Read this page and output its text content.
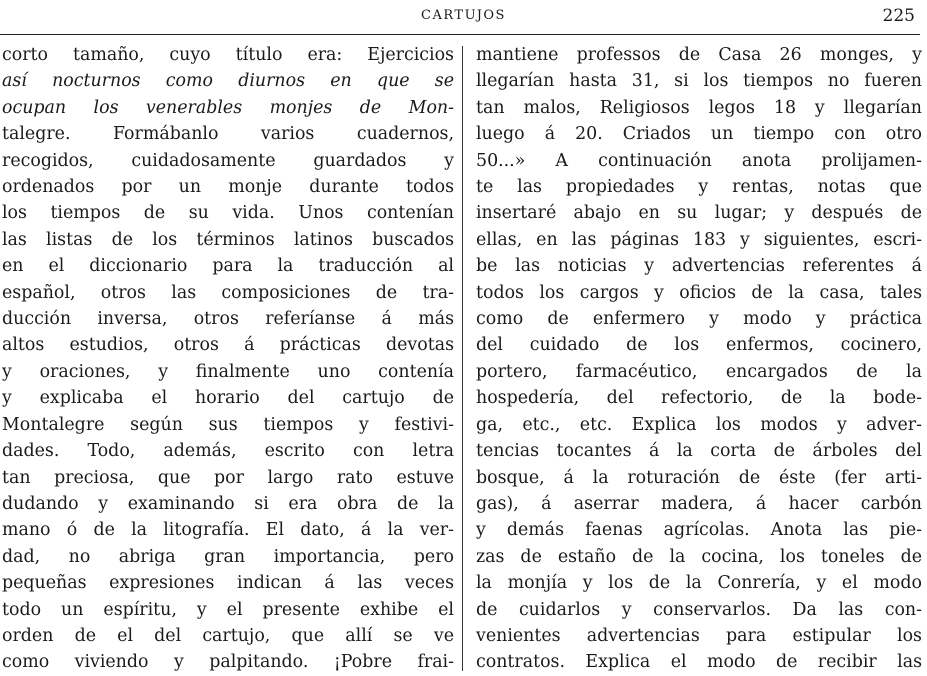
CARTUJOS	225
corto tamaño, cuyo título era: Ejercicios
así nocturnos como diurnos en que se
ocupan los venerables monjes de Mon-
talegre. Formábanlo varios cuadernos,
recogidos, cuidadosamente guardados y
ordenados por un monje durante todos
los tiempos de su vida. Unos contenían
las listas de los términos latinos buscados
en el diccionario para la traducción al
español, otros las composiciones de tra-
ducción inversa, otros referíanse á más
altos estudios, otros á prácticas devotas
y oraciones, y finalmente uno contenía
y explicaba el horario del cartujo de
Montalegre según sus tiempos y festivi-
dades. Todo, además, escrito con letra
tan preciosa, que por largo rato estuve
dudando y examinando si era obra de la
mano ó de la litografía. El dato, á la ver-
dad, no abriga gran importancia, pero
pequeñas expresiones indican á las veces
todo un espíritu, y el presente exhibe el
orden de el del cartujo, que allí se ve
como viviendo y palpitando. ¡Pobre frai-
mantiene professos de Casa 26 monges, y
llegarían hasta 31, si los tiempos no fueren
tan malos, Religiosos legos 18 y llegarían
luego á 20. Criados un tiempo con otro
50...» A continuación anota prolijamen-
te las propiedades y rentas, notas que
insertaré abajo en su lugar; y después de
ellas, en las páginas 183 y siguientes, escri-
be las noticias y advertencias referentes á
todos los cargos y oficios de la casa, tales
como de enfermero y modo y práctica
del cuidado de los enfermos, cocinero,
portero, farmacéutico, encargados de la
hospedería, del refectorio, de la bode-
ga, etc., etc. Explica los modos y adver-
tencias tocantes á la corta de árboles del
bosque, á la roturación de éste (fer arti-
gas), á aserrar madera, á hacer carbón
y demás faenas agrícolas. Anota las pie-
zas de estaño de la cocina, los toneles de
la monjía y los de la Conrería, y el modo
de cuidarlos y conservarlos. Da las con-
venientes advertencias para estipular los
contratos. Explica el modo de recibir las
